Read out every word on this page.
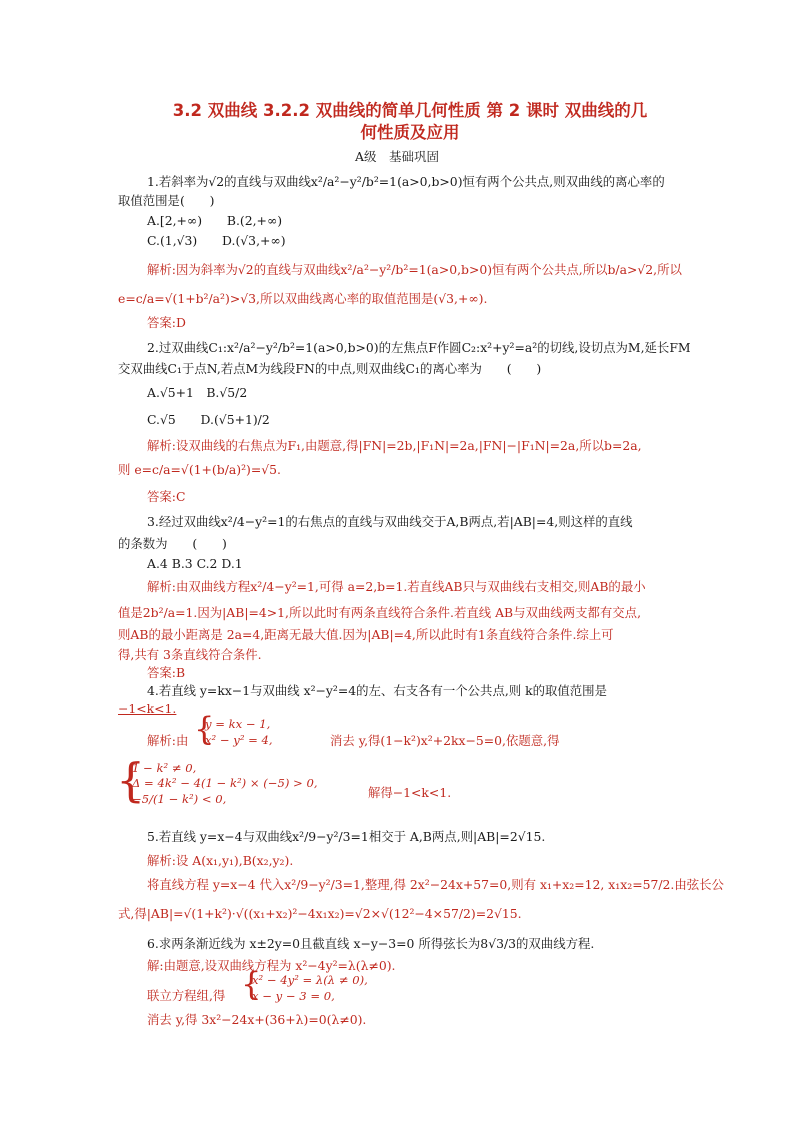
3.2 双曲线 3.2.2 双曲线的简单几何性质 第 2 课时 双曲线的几
何性质及应用
A级　基础巩固
1.若斜率为√2的直线与双曲线x²/a²−y²/b²=1(a>0,b>0)恒有两个公共点,则双曲线的离心率的
取值范围是(　　)
A.[2,+∞)　　B.(2,+∞)
C.(1,√3)　　D.(√3,+∞)
解析:因为斜率为√2的直线与双曲线x²/a²−y²/b²=1(a>0,b>0)恒有两个公共点,所以b/a>√2,所以
e=c/a=√(1+b²/a²)>√3,所以双曲线离心率的取值范围是(√3,+∞).
答案:D
2.过双曲线C₁:x²/a²−y²/b²=1(a>0,b>0)的左焦点F作圆C₂:x²+y²=a²的切线,设切点为M,延长FM
交双曲线C₁于点N,若点M为线段FN的中点,则双曲线C₁的离心率为　　(　　)
A.√5+1　B.√5/2
C.√5　　D.(√5+1)/2
解析:设双曲线的右焦点为F₁,由题意,得|FN|=2b,|F₁N|=2a,|FN|−|F₁N|=2a,所以b=2a,
则 e=c/a=√(1+(b/a)²)=√5.
答案:C
3.经过双曲线x²/4−y²=1的右焦点的直线与双曲线交于A,B两点,若|AB|=4,则这样的直线
的条数为　　(　　)
A.4 B.3 C.2 D.1
解析:由双曲线方程x²/4−y²=1,可得 a=2,b=1.若直线AB只与双曲线右支相交,则AB的最小
值是2b²/a=1.因为|AB|=4>1,所以此时有两条直线符合条件.若直线 AB与双曲线两支都有交点,
则AB的最小距离是 2a=4,距离无最大值.因为|AB|=4,所以此时有1条直线符合条件.综上可
得,共有 3条直线符合条件.
答案:B
4.若直线 y=kx−1与双曲线 x²−y²=4的左、右支各有一个公共点,则 k的取值范围是
−1<k<1.
解析:由 {
y = kx − 1,
x² − y² = 4,	消去 y,得(1−k²)x²+2kx−5=0,依题意,得
{
1 − k² ≠ 0,
Δ = 4k² − 4(1 − k²) × (−5) > 0,
−5/(1 − k²) < 0,	解得−1<k<1.
5.若直线 y=x−4与双曲线x²/9−y²/3=1相交于 A,B两点,则|AB|=2√15.
解析:设 A(x₁,y₁),B(x₂,y₂).
将直线方程 y=x−4 代入x²/9−y²/3=1,整理,得 2x²−24x+57=0,则有 x₁+x₂=12, x₁x₂=57/2.由弦长公
式,得|AB|=√(1+k²)·√((x₁+x₂)²−4x₁x₂)=√2×√(12²−4×57/2)=2√15.
6.求两条渐近线为 x±2y=0且截直线 x−y−3=0 所得弦长为8√3/3的双曲线方程.
解:由题意,设双曲线方程为 x²−4y²=λ(λ≠0).
联立方程组,得 {
x² − 4y² = λ(λ ≠ 0),
x − y − 3 = 0,
消去 y,得 3x²−24x+(36+λ)=0(λ≠0).
